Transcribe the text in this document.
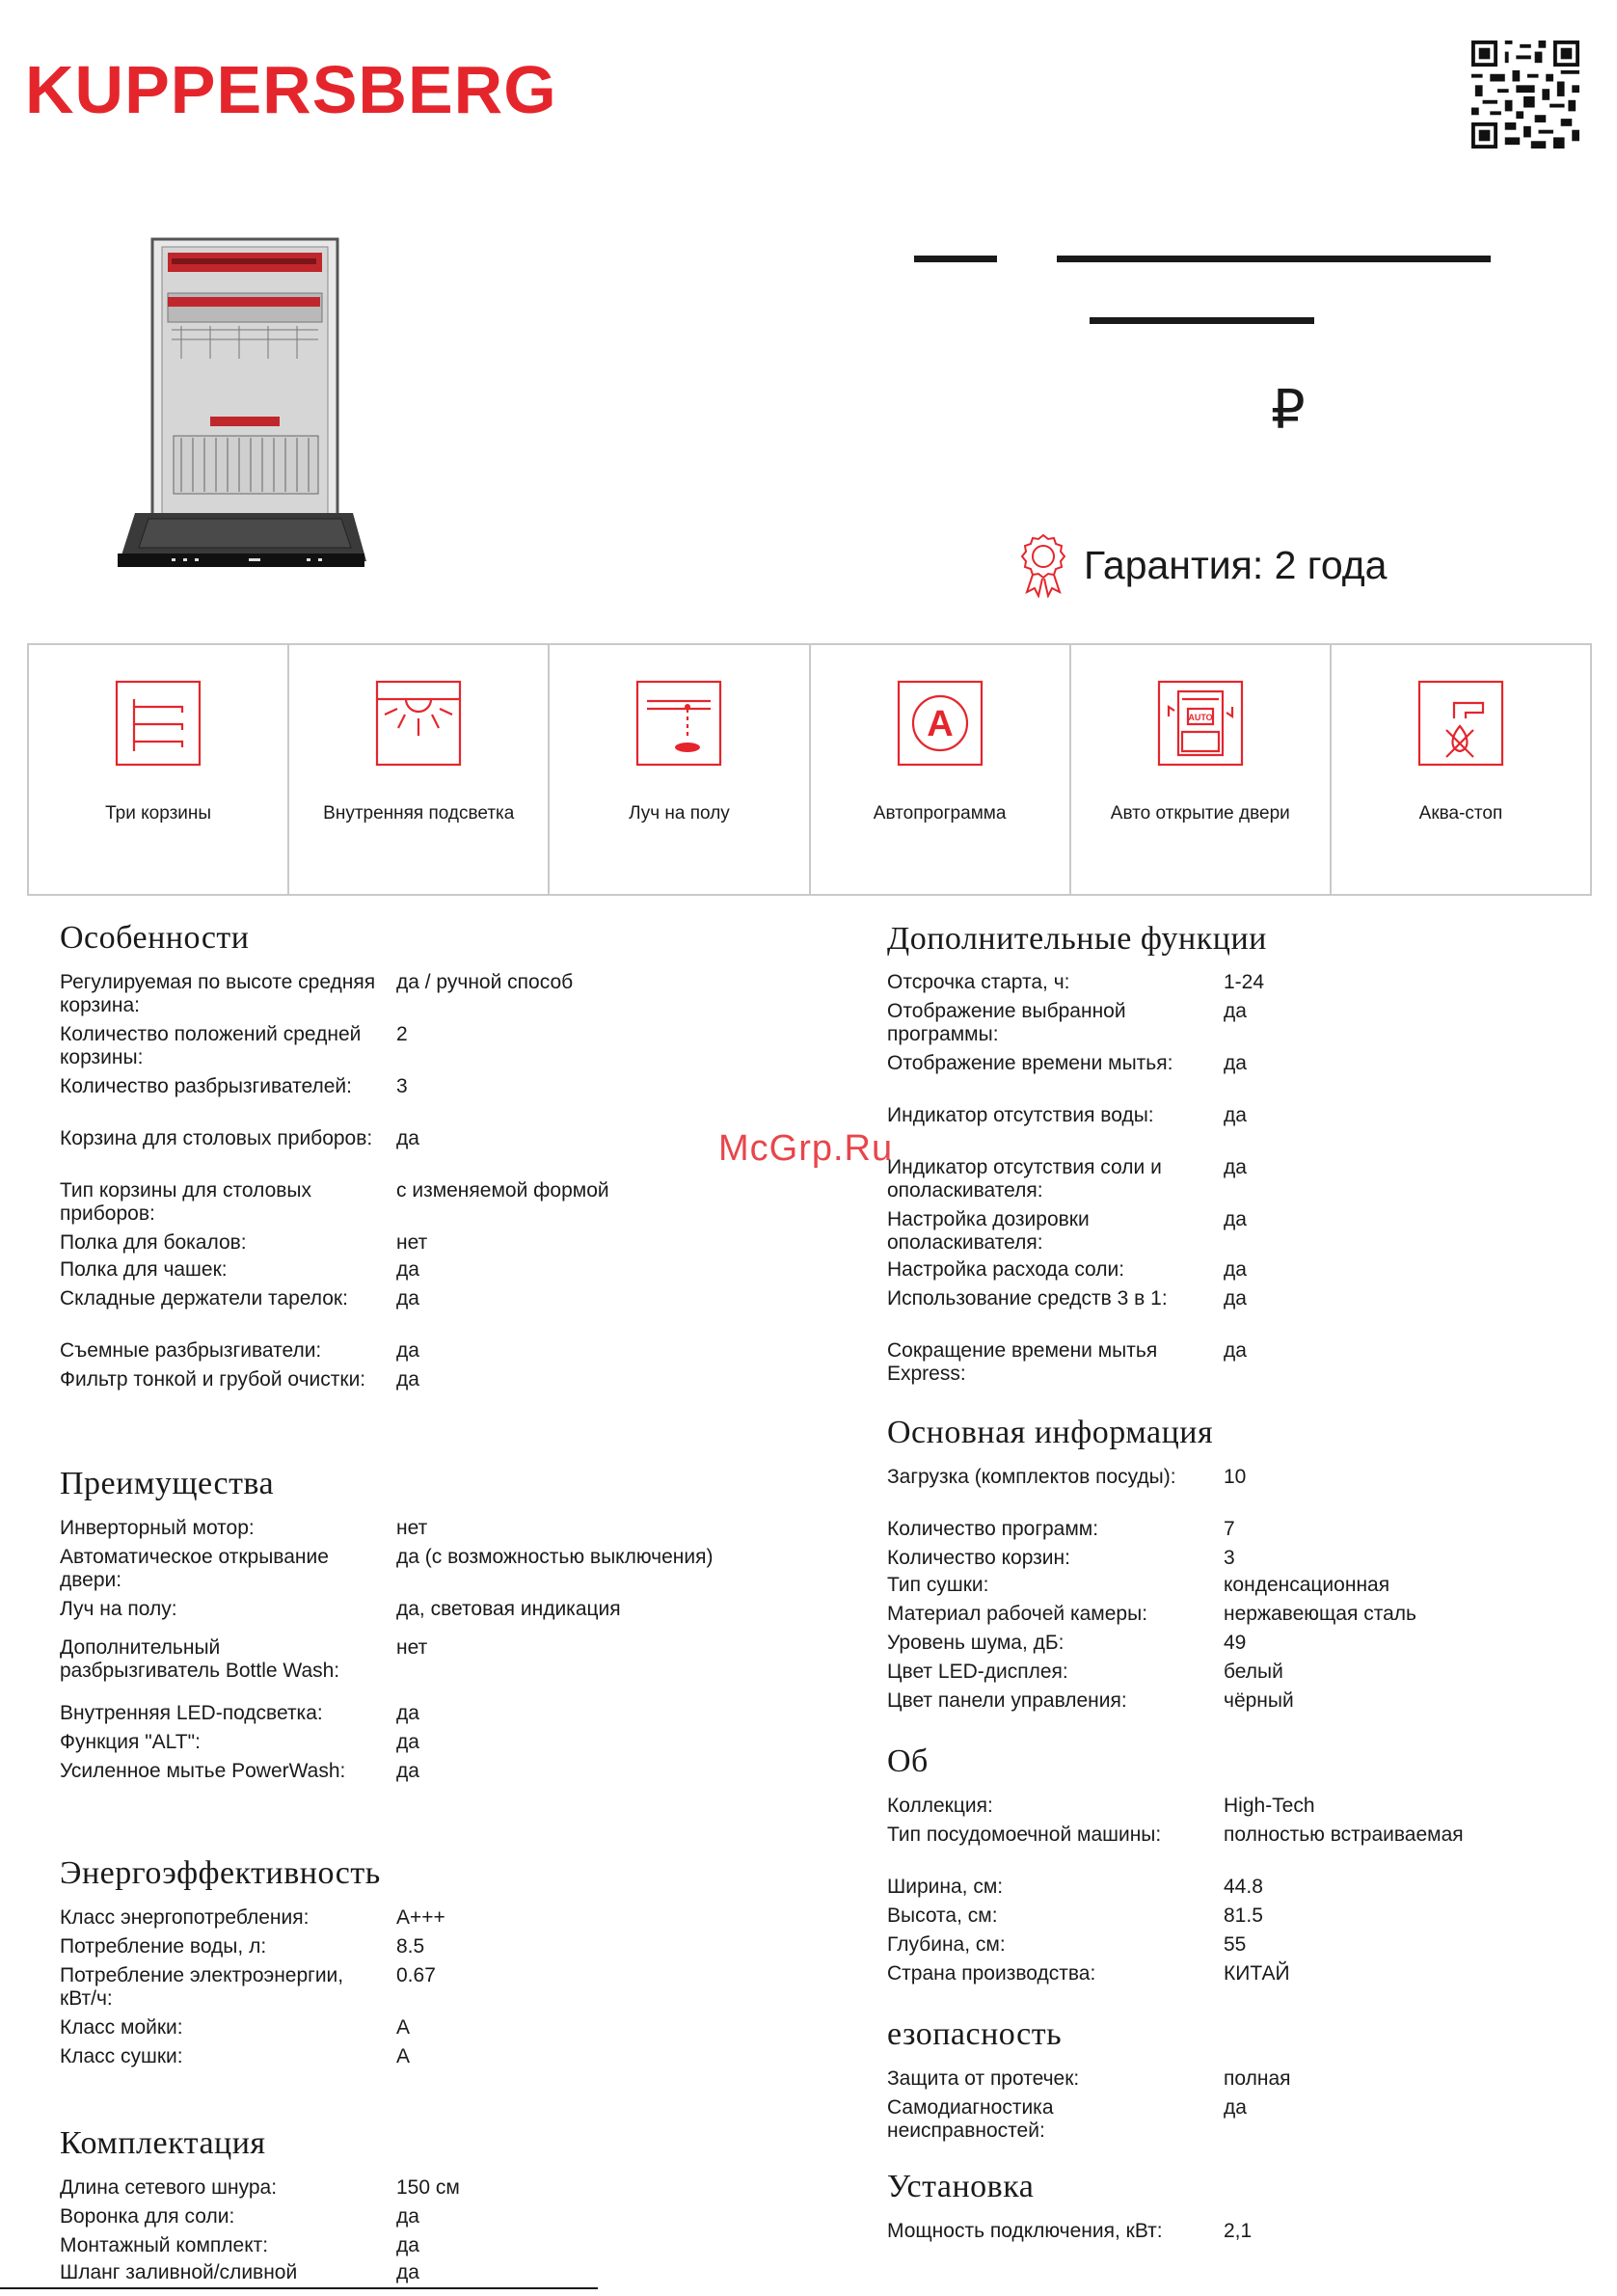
KUPPERSBERG
₽
Гарантия: 2 года
Три корзины	Внутренняя подсветка	Луч на полу
A
Автопрограмма
AUTO
Авто открытие двери	Аква-стоп
McGrp.Ru
Особенности
Регулируемая по высоте средняя корзина:
да / ручной способ
Количество положений средней корзины:
2
Количество разбрызгивателей:	3
Корзина для столовых приборов: да
Тип корзины для столовых приборов:
с изменяемой формой
Полка для бокалов:	нет
Полка для чашек:	да
Складные держатели тарелок:	да
Съемные разбрызгиватели:	да
Фильтр тонкой и грубой очистки:	да
Преимущества
Инверторный мотор:	нет
Автоматическое открывание двери:
да (с возможностью выключения)
Луч на полу:	да, световая индикация
Дополнительный разбрызгиватель Bottle Wash:
нет
Внутренняя LED-подсветка:	да
Функция "ALT":	да
Усиленное мытье PowerWash:	да
Энергоэффективность
Класс энергопотребления:	A+++
Потребление воды, л:	8.5
Потребление электроэнергии, кВт/ч:
0.67
Класс мойки:	A
Класс сушки:	A
Комплектация
Длина сетевого шнура:	150 см
Воронка для соли:	да
Монтажный комплект:	да
Шланг заливной/сливной	да
Дополнительные функции
Отсрочка старта, ч:	1-24
Отображение выбранной программы:
да
Отображение времени мытья:	да
Индикатор отсутствия воды:	да
Индикатор отсутствия соли и ополаскивателя:
да
Настройка дозировки ополаскивателя:
да
Настройка расхода соли:	да
Использование средств 3 в 1:	да
Сокращение времени мытья Express:
да
Основная информация
Загрузка (комплектов посуды):	10
Количество программ:	7
Количество корзин:	3
Тип сушки:	конденсационная
Материал рабочей камеры:	нержавеющая сталь
Уровень шума, дБ:	49
Цвет LED-дисплея:	белый
Цвет панели управления:	чёрный
Об
Коллекция:	High-Tech
Тип посудомоечной машины:	полностью встраиваемая
Ширина, см:	44.8
Высота, см:	81.5
Глубина, см:	55
Страна производства:	КИТАЙ
езопасность
Защита от протечек:	полная
Самодиагностика неисправностей:
да
Установка
Мощность подключения, кВт:	2,1
